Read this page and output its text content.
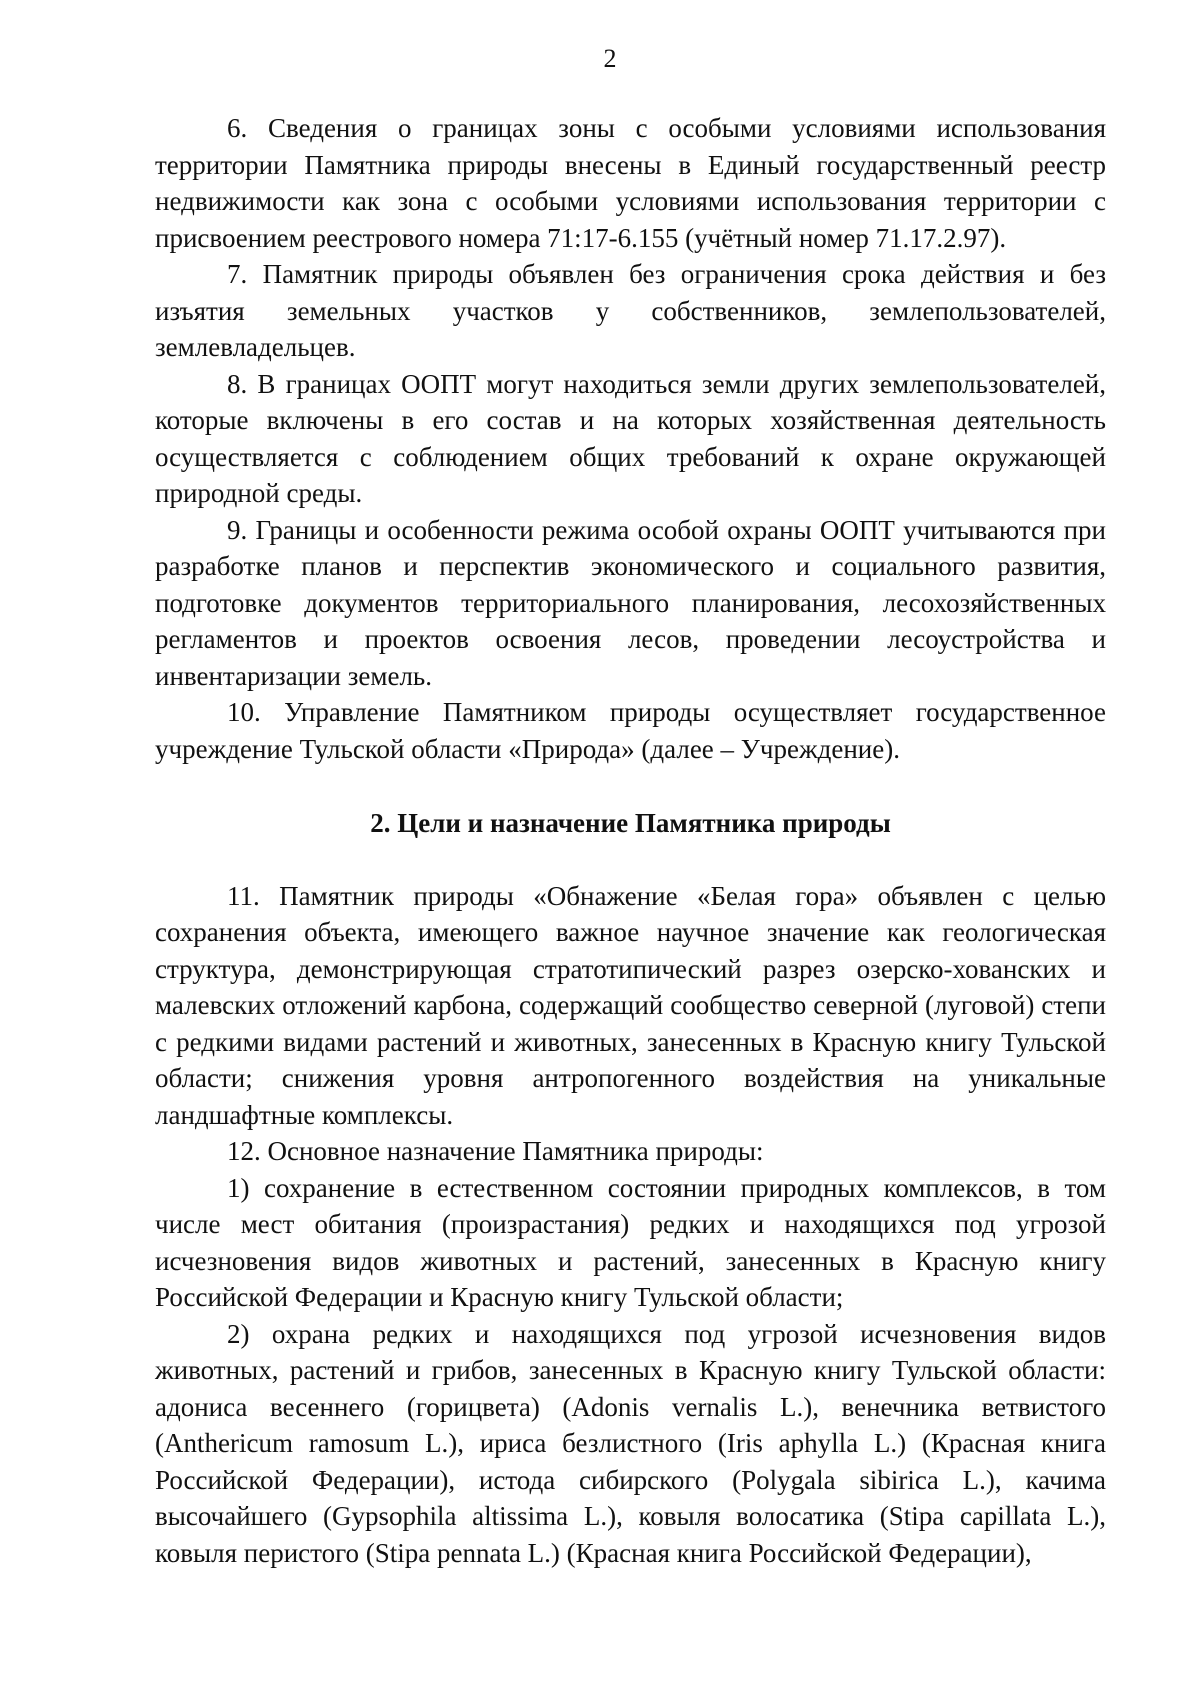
2

6. Сведения о границах зоны с особыми условиями использования территории Памятника природы внесены в Единый государственный реестр недвижимости как зона с особыми условиями использования территории с присвоением реестрового номера 71:17-6.155 (учётный номер 71.17.2.97).

7. Памятник природы объявлен без ограничения срока действия и без изъятия земельных участков у собственников, землепользователей, землевладельцев.

8. В границах ООПТ могут находиться земли других землепользователей, которые включены в его состав и на которых хозяйственная деятельность осуществляется с соблюдением общих требований к охране окружающей природной среды.

9. Границы и особенности режима особой охраны ООПТ учитываются при разработке планов и перспектив экономического и социального развития, подготовке документов территориального планирования, лесохозяйственных регламентов и проектов освоения лесов, проведении лесоустройства и инвентаризации земель.

10. Управление Памятником природы осуществляет государственное учреждение Тульской области «Природа» (далее – Учреждение).

2. Цели и назначение Памятника природы

11. Памятник природы «Обнажение «Белая гора» объявлен с целью сохранения объекта, имеющего важное научное значение как геологическая структура, демонстрирующая стратотипический разрез озерско-хованских и малевских отложений карбона, содержащий сообщество северной (луговой) степи с редкими видами растений и животных, занесенных в Красную книгу Тульской области; снижения уровня антропогенного воздействия на уникальные ландшафтные комплексы.

12. Основное назначение Памятника природы:

1) сохранение в естественном состоянии природных комплексов, в том числе мест обитания (произрастания) редких и находящихся под угрозой исчезновения видов животных и растений, занесенных в Красную книгу Российской Федерации и Красную книгу Тульской области;

2) охрана редких и находящихся под угрозой исчезновения видов животных, растений и грибов, занесенных в Красную книгу Тульской области: адониса весеннего (горицвета) (Adonis vernalis L.), венечника ветвистого (Anthericum ramosum L.), ириса безлистного (Iris aphylla L.) (Красная книга Российской Федерации), истода сибирского (Polygala sibirica L.), качима высочайшего (Gypsophila altissima L.), ковыля волосатика (Stipa capillata L.), ковыля перистого (Stipa pennata L.) (Красная книга Российской Федерации),
